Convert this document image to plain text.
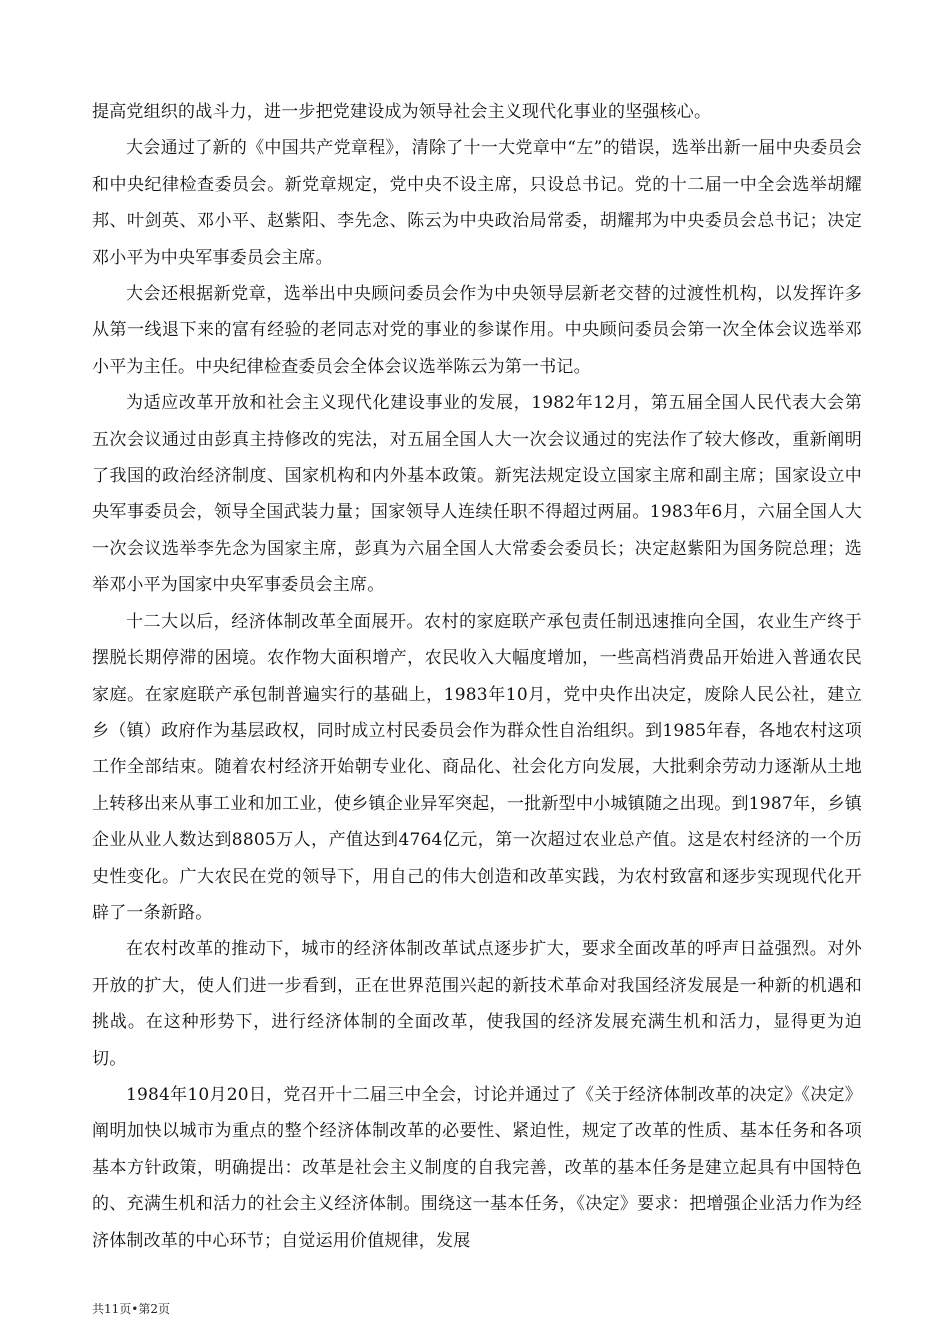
提高党组织的战斗力，进一步把党建设成为领导社会主义现代化事业的坚强核心。

大会通过了新的《中国共产党章程》，清除了十一大党章中“左”的错误，选举出新一届中央委员会和中央纪律检查委员会。新党章规定，党中央不设主席，只设总书记。党的十二届一中全会选举胡耀邦、叶剑英、邓小平、赵紫阳、李先念、陈云为中央政治局常委，胡耀邦为中央委员会总书记；决定邓小平为中央军事委员会主席。

大会还根据新党章，选举出中央顾问委员会作为中央领导层新老交替的过渡性机构，以发挥许多从第一线退下来的富有经验的老同志对党的事业的参谋作用。中央顾问委员会第一次全体会议选举邓小平为主任。中央纪律检查委员会全体会议选举陈云为第一书记。

为适应改革开放和社会主义现代化建设事业的发展，1982年12月，第五届全国人民代表大会第五次会议通过由彭真主持修改的宪法，对五届全国人大一次会议通过的宪法作了较大修改，重新阐明了我国的政治经济制度、国家机构和内外基本政策。新宪法规定设立国家主席和副主席；国家设立中央军事委员会，领导全国武装力量；国家领导人连续任职不得超过两届。1983年6月，六届全国人大一次会议选举李先念为国家主席，彭真为六届全国人大常委会委员长；决定赵紫阳为国务院总理；选举邓小平为国家中央军事委员会主席。

十二大以后，经济体制改革全面展开。农村的家庭联产承包责任制迅速推向全国，农业生产终于摆脱长期停滞的困境。农作物大面积增产，农民收入大幅度增加，一些高档消费品开始进入普通农民家庭。在家庭联产承包制普遍实行的基础上，1983年10月，党中央作出决定，废除人民公社，建立乡（镇）政府作为基层政权，同时成立村民委员会作为群众性自治组织。到1985年春，各地农村这项工作全部结束。随着农村经济开始朝专业化、商品化、社会化方向发展，大批剩余劳动力逐渐从土地上转移出来从事工业和加工业，使乡镇企业异军突起，一批新型中小城镇随之出现。到1987年，乡镇企业从业人数达到8805万人，产值达到4764亿元，第一次超过农业总产值。这是农村经济的一个历史性变化。广大农民在党的领导下，用自己的伟大创造和改革实践，为农村致富和逐步实现现代化开辟了一条新路。

在农村改革的推动下，城市的经济体制改革试点逐步扩大，要求全面改革的呼声日益强烈。对外开放的扩大，使人们进一步看到，正在世界范围兴起的新技术革命对我国经济发展是一种新的机遇和挑战。在这种形势下，进行经济体制的全面改革，使我国的经济发展充满生机和活力，显得更为迫切。

1984年10月20日，党召开十二届三中全会，讨论并通过了《关于经济体制改革的决定》《决定》阐明加快以城市为重点的整个经济体制改革的必要性、紧迫性，规定了改革的性质、基本任务和各项基本方针政策，明确提出：改革是社会主义制度的自我完善，改革的基本任务是建立起具有中国特色的、充满生机和活力的社会主义经济体制。围绕这一基本任务，《决定》要求：把增强企业活力作为经济体制改革的中心环节；自觉运用价值规律，发展

共11页•第2页
